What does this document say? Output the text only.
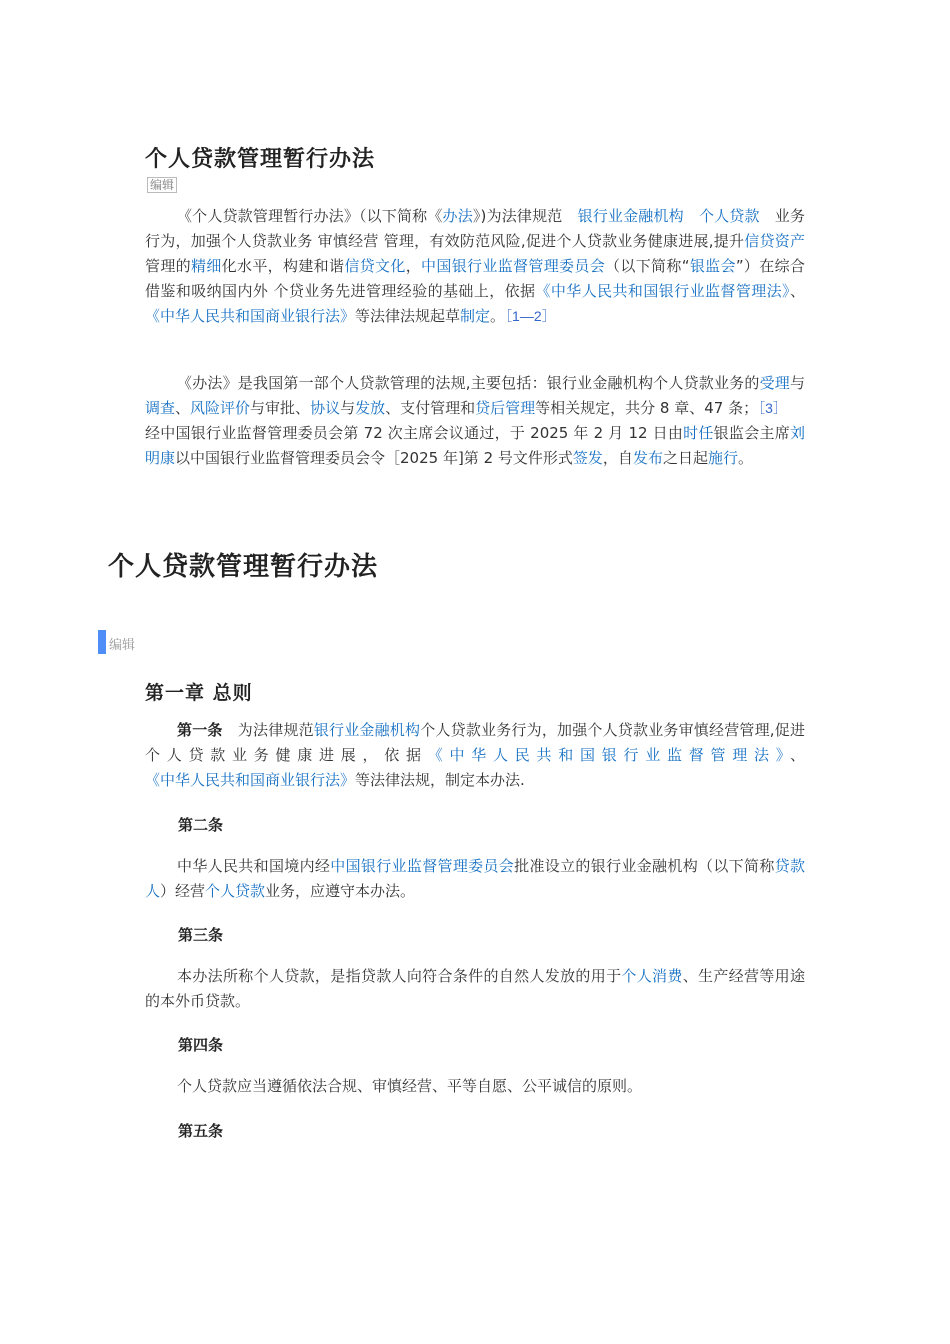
个人贷款管理暂行办法
编辑

《个人贷款管理暂行办法》（以下简称《办法》)为法律规范　银行业金融机构　 个人贷款　业务行为，加强个人贷款业务 审慎经营 管理，有效防范风险,促进个人贷款业务健康进展,提升信贷资产管理的精细化水平，构建和谐信贷文化，中国银行业监督管理委员会（以下简称“银监会”）在综合借鉴和吸纳国内外 个贷业务先进管理经验的基础上，依据《中华人民共和国银行业监督管理法》、《中华人民共和国商业银行法》等法律法规起草制定。［1—2］

《办法》是我国第一部个人贷款管理的法规,主要包括：银行业金融机构个人贷款业务的受理与调查、风险评价与审批、协议与发放、支付管理和贷后管理等相关规定，共分 8 章、47 条；［3］　　经中国银行业监督管理委员会第 72 次主席会议通过，于 2025 年 2 月 12 日由时任银监会主席刘明康以中国银行业监督管理委员会令［2025 年]第 2 号文件形式签发，自发布之日起施行。

个人贷款管理暂行办法
编辑
第一章 总则

第一条　为法律规范银行业金融机构个人贷款业务行为，加强个人贷款业务审慎经营管理,促进个人贷款业务健康进展，依据《中华人民共和国银行业监督管理法》、《中华人民共和国商业银行法》等法律法规，制定本办法.

第二条

中华人民共和国境内经中国银行业监督管理委员会批准设立的银行业金融机构（以下简称贷款人）经营个人贷款业务，应遵守本办法。

第三条

本办法所称个人贷款，是指贷款人向符合条件的自然人发放的用于个人消费、生产经营等用途的本外币贷款。

第四条

个人贷款应当遵循依法合规、审慎经营、平等自愿、公平诚信的原则。

第五条
